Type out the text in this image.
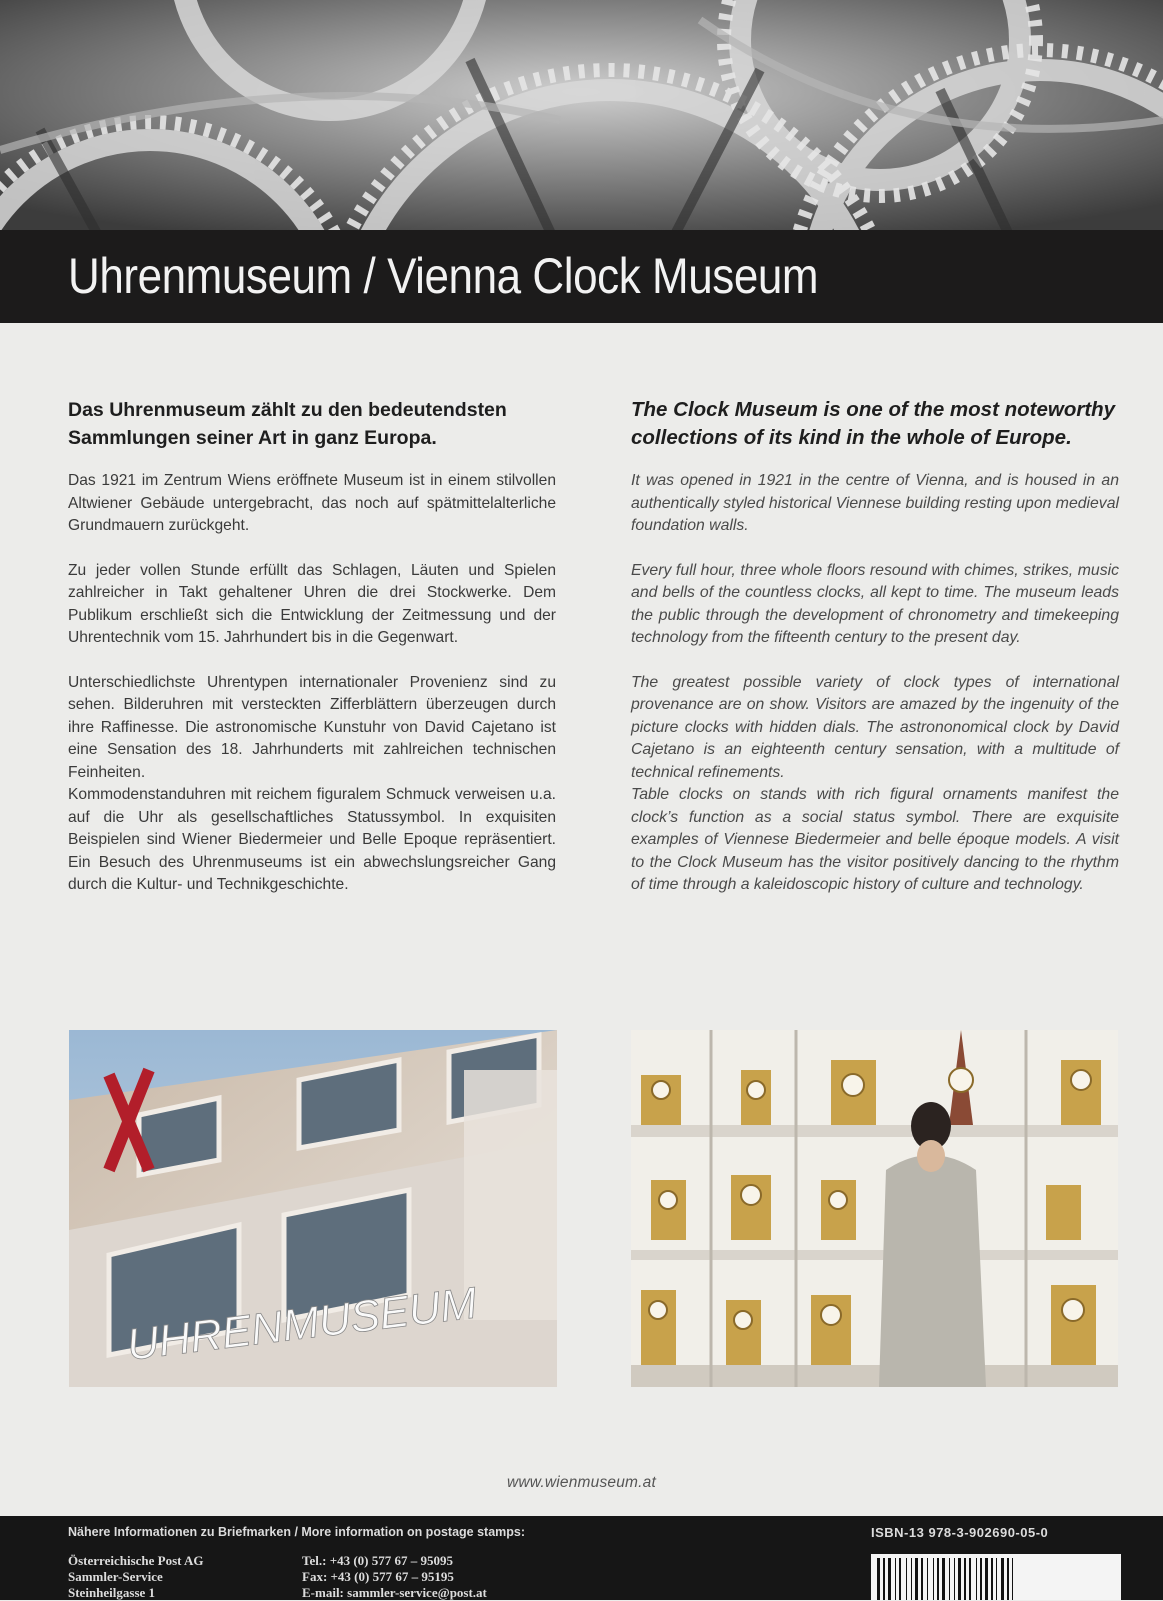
Uhrenmuseum / Vienna Clock Museum
Das Uhrenmuseum zählt zu den bedeutendsten Sammlungen seiner Art in ganz Europa.

Das 1921 im Zentrum Wiens eröffnete Museum ist in einem stilvollen Altwiener Gebäude untergebracht, das noch auf spätmittelalterliche Grundmauern zurückgeht.

Zu jeder vollen Stunde erfüllt das Schlagen, Läuten und Spielen zahlreicher in Takt gehaltener Uhren die drei Stockwerke. Dem Publikum erschließt sich die Entwicklung der Zeitmessung und der Uhrentechnik vom 15. Jahrhundert bis in die Gegenwart.

Unterschiedlichste Uhrentypen internationaler Provenienz sind zu sehen. Bilderuhren mit versteckten Zifferblättern überzeugen durch ihre Raffinesse. Die astronomische Kunstuhr von David Cajetano ist eine Sensation des 18. Jahrhunderts mit zahlreichen technischen Feinheiten.

Kommodenstanduhren mit reichem figuralem Schmuck verweisen u.a. auf die Uhr als gesellschaftliches Statussymbol. In exquisiten Beispielen sind Wiener Biedermeier und Belle Epoque repräsentiert. Ein Besuch des Uhrenmuseums ist ein abwechslungsreicher Gang durch die Kultur- und Technikgeschichte.

The Clock Museum is one of the most noteworthy collections of its kind in the whole of Europe.

It was opened in 1921 in the centre of Vienna, and is housed in an authentically styled historical Viennese building resting upon medieval foundation walls.

Every full hour, three whole floors resound with chimes, strikes, music and bells of the countless clocks, all kept to time. The museum leads the public through the development of chronometry and timekeeping technology from the fifteenth century to the present day.

The greatest possible variety of clock types of international provenance are on show. Visitors are amazed by the ingenuity of the picture clocks with hidden dials. The astrononomical clock by David Cajetano is an eighteenth century sensation, with a multitude of technical refinements.

Table clocks on stands with rich figural ornaments manifest the clock’s function as a social status symbol. There are exquisite examples of Viennese Biedermeier and belle époque models. A visit to the Clock Museum has the visitor positively dancing to the rhythm of time through a kaleidoscopic history of culture and technology.

UHRENMUSEUM
www.wienmuseum.at
Nähere Informationen zu Briefmarken / More information on postage stamps:
Österreichische Post AG
Sammler-Service
Steinheilgasse 1
Tel.: +43 (0) 577 67 – 95095
Fax: +43 (0) 577 67 – 95195
E-mail: sammler-service@post.at
ISBN-13 978-3-902690-05-0
